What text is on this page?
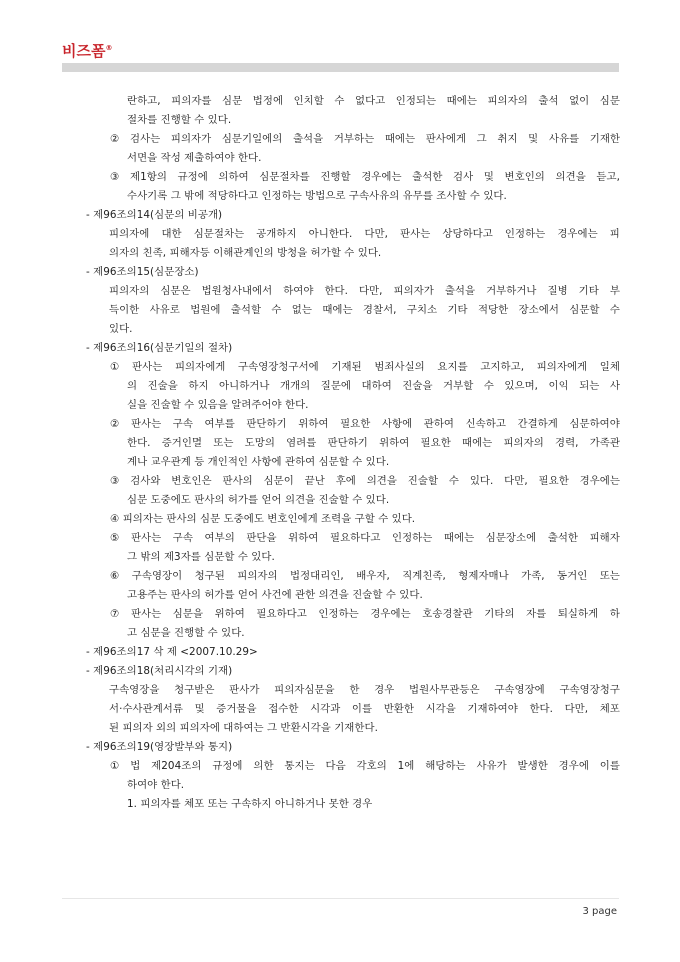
비즈폼®
란하고, 피의자를 심문 법정에 인치할 수 없다고 인정되는 때에는 피의자의 출석 없이 심문
절차를 진행할 수 있다.
② 검사는 피의자가 심문기일에의 출석을 거부하는 때에는 판사에게 그 취지 및 사유를 기재한
서면을 작성 제출하여야 한다.
③ 제1항의 규정에 의하여 심문절차를 진행할 경우에는 출석한 검사 및 변호인의 의견을 듣고,
수사기록 그 밖에 적당하다고 인정하는 방법으로 구속사유의 유무를 조사할 수 있다.
- 제96조의14(심문의 비공개)
피의자에 대한 심문절차는 공개하지 아니한다. 다만, 판사는 상당하다고 인정하는 경우에는 피
의자의 친족, 피해자등 이해관계인의 방청을 허가할 수 있다.
- 제96조의15(심문장소)
피의자의 심문은 법원청사내에서 하여야 한다. 다만, 피의자가 출석을 거부하거나 질병 기타 부
득이한 사유로 법원에 출석할 수 없는 때에는 경찰서, 구치소 기타 적당한 장소에서 심문할 수
있다.
- 제96조의16(심문기일의 절차)
① 판사는 피의자에게 구속영장청구서에 기재된 범죄사실의 요지를 고지하고, 피의자에게 일체
의 진술을 하지 아니하거나 개개의 질문에 대하여 진술을 거부할 수 있으며, 이익 되는 사
실을 진술할 수 있음을 알려주어야 한다.
② 판사는 구속 여부를 판단하기 위하여 필요한 사항에 관하여 신속하고 간결하게 심문하여야
한다. 증거인멸 또는 도망의 염려를 판단하기 위하여 필요한 때에는 피의자의 경력, 가족관
계나 교우관계 등 개인적인 사항에 관하여 심문할 수 있다.
③ 검사와 변호인은 판사의 심문이 끝난 후에 의견을 진술할 수 있다. 다만, 필요한 경우에는
심문 도중에도 판사의 허가를 얻어 의견을 진술할 수 있다.
④ 피의자는 판사의 심문 도중에도 변호인에게 조력을 구할 수 있다.
⑤ 판사는 구속 여부의 판단을 위하여 필요하다고 인정하는 때에는 심문장소에 출석한 피해자
그 밖의 제3자를 심문할 수 있다.
⑥ 구속영장이 청구된 피의자의 법정대리인, 배우자, 직계친족, 형제자매나 가족, 동거인 또는
고용주는 판사의 허가를 얻어 사건에 관한 의견을 진술할 수 있다.
⑦ 판사는 심문을 위하여 필요하다고 인정하는 경우에는 호송경찰관 기타의 자를 퇴실하게 하
고 심문을 진행할 수 있다.
- 제96조의17 삭 제 <2007.10.29>
- 제96조의18(처리시각의 기재)
구속영장을 청구받은 판사가 피의자심문을 한 경우 법원사무관등은 구속영장에 구속영장청구
서·수사관계서류 및 증거물을 접수한 시각과 이를 반환한 시각을 기재하여야 한다. 다만, 체포
된 피의자 외의 피의자에 대하여는 그 반환시각을 기재한다.
- 제96조의19(영장발부와 통지)
① 법 제204조의 규정에 의한 통지는 다음 각호의 1에 해당하는 사유가 발생한 경우에 이를
하여야 한다.
1. 피의자를 체포 또는 구속하지 아니하거나 못한 경우
3 page
